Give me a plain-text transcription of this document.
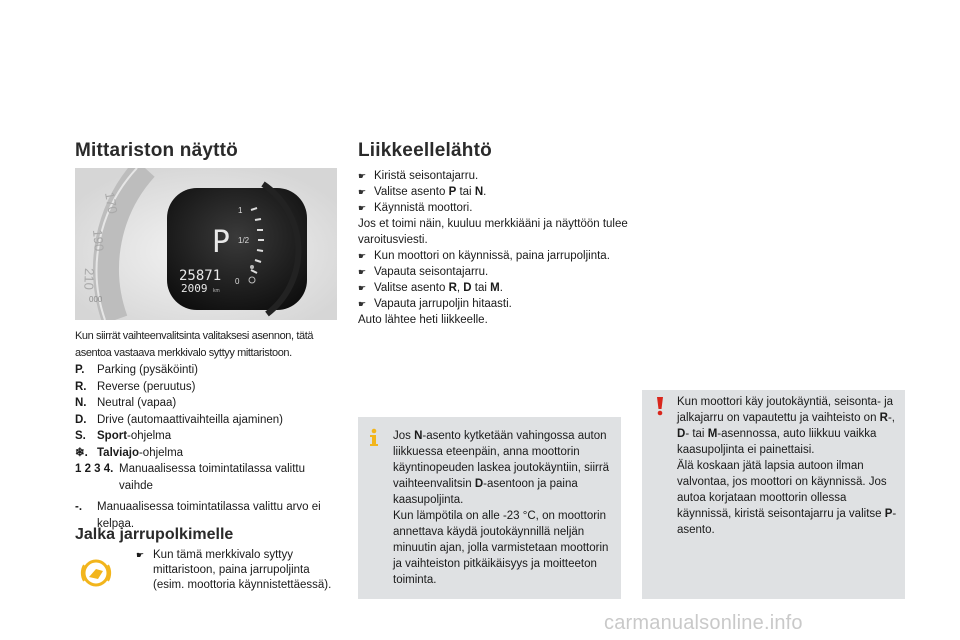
Mittariston näyttö
170
190
210
000
1
1/2
0
P
25871
2009 km
Kun siirrät vaihteenvalitsinta valitaksesi asennon, tätä asentoa vastaava merkkivalo syttyy mittaristoon.
P.	Parking (pysäköinti)
R. Reverse (peruutus)
N. Neutral (vapaa)
D. Drive (automaattivaihteilla ajaminen)
S. Sport-ohjelma
❄. Talviajo-ohjelma
1 2 3 4. Manuaalisessa toimintatilassa valittu vaihde
-.	Manuaalisessa toimintatilassa valittu arvo ei kelpaa.
Jalka jarrupolkimelle
☛ Kun tämä merkkivalo syttyy mittaristoon, paina jarrupoljinta (esim. moottoria käynnistettäessä).
Liikkeellelähtö
☛ Kiristä seisontajarru.
☛ Valitse asento P tai N.
☛ Käynnistä moottori.
Jos et toimi näin, kuuluu merkkiääni ja näyttöön tulee varoitusviesti.
☛ Kun moottori on käynnissä, paina jarrupoljinta.
☛ Vapauta seisontajarru.
☛ Valitse asento R, D tai M.
☛ Vapauta jarrupoljin hitaasti.
Auto lähtee heti liikkeelle.
Jos N-asento kytketään vahingossa auton liikkuessa eteenpäin, anna moottorin käyntinopeuden laskea joutokäyntiin, siirrä vaihteenvalitsin D-asentoon ja paina kaasupoljinta.
Kun lämpötila on alle -23 °C, on moottorin annettava käydä joutokäynnillä neljän minuutin ajan, jolla varmistetaan moottorin ja vaihteiston pitkäikäisyys ja moitteeton toiminta.
Kun moottori käy joutokäyntiä, seisonta- ja jalkajarru on vapautettu ja vaihteisto on R-, D- tai M-asennossa, auto liikkuu vaikka kaasupoljinta ei painettaisi.
Älä koskaan jätä lapsia autoon ilman valvontaa, jos moottori on käynnissä. Jos autoa korjataan moottorin ollessa käynnissä, kiristä seisontajarru ja valitse P-asento.
carmanualsonline.info
